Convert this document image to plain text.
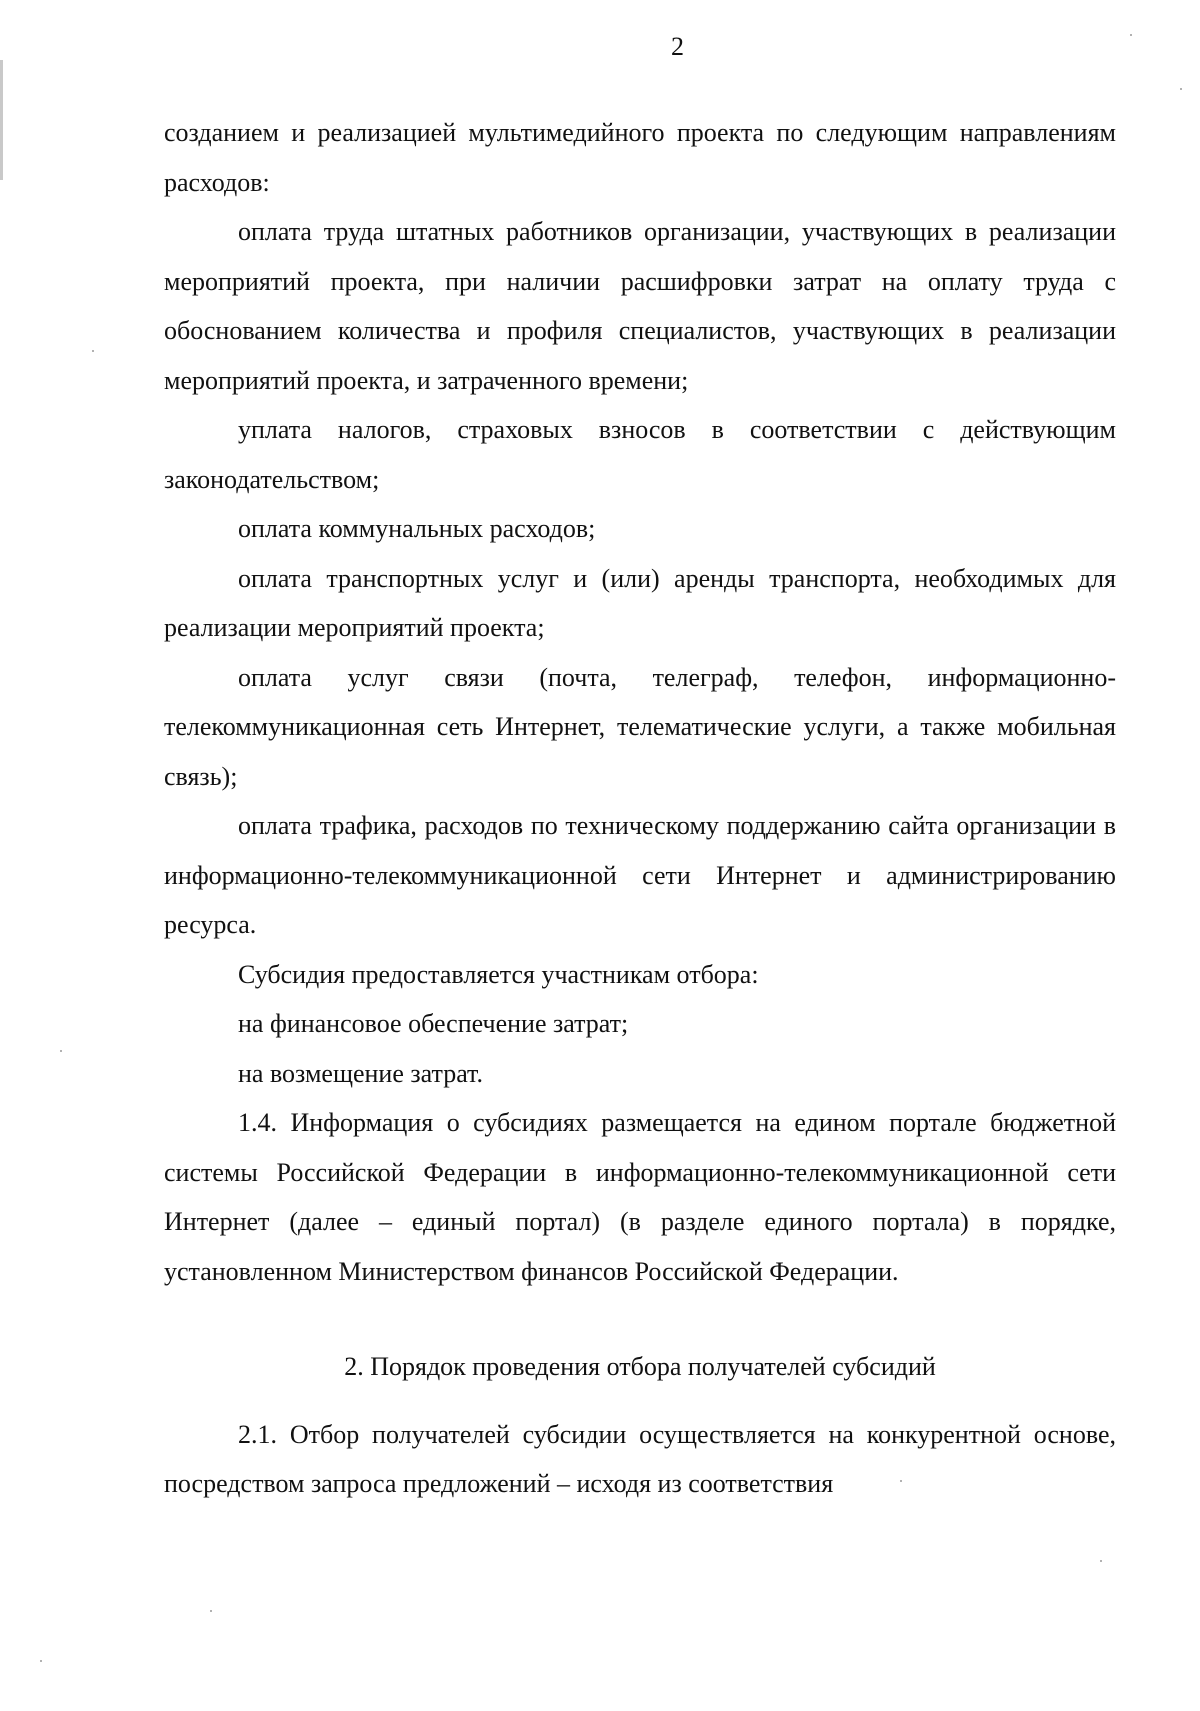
2

созданием и реализацией мультимедийного проекта по следующим направлениям расходов:

оплата труда штатных работников организации, участвующих в реализации мероприятий проекта, при наличии расшифровки затрат на оплату труда с обоснованием количества и профиля специалистов, участвующих в реализации мероприятий проекта, и затраченного времени;

уплата налогов, страховых взносов в соответствии с действующим законодательством;

оплата коммунальных расходов;

оплата транспортных услуг и (или) аренды транспорта, необходимых для реализации мероприятий проекта;

оплата услуг связи (почта, телеграф, телефон, информационно-телекоммуникационная сеть Интернет, телематические услуги, а также мобильная связь);

оплата трафика, расходов по техническому поддержанию сайта организации в информационно-телекоммуникационной сети Интернет и администрированию ресурса.

Субсидия предоставляется участникам отбора:

на финансовое обеспечение затрат;

на возмещение затрат.

1.4. Информация о субсидиях размещается на едином портале бюджетной системы Российской Федерации в информационно-телекоммуникационной сети Интернет (далее – единый портал) (в разделе единого портала) в порядке, установленном Министерством финансов Российской Федерации.

2. Порядок проведения отбора получателей субсидий

2.1. Отбор получателей субсидии осуществляется на конкурентной основе, посредством запроса предложений – исходя из соответствия
